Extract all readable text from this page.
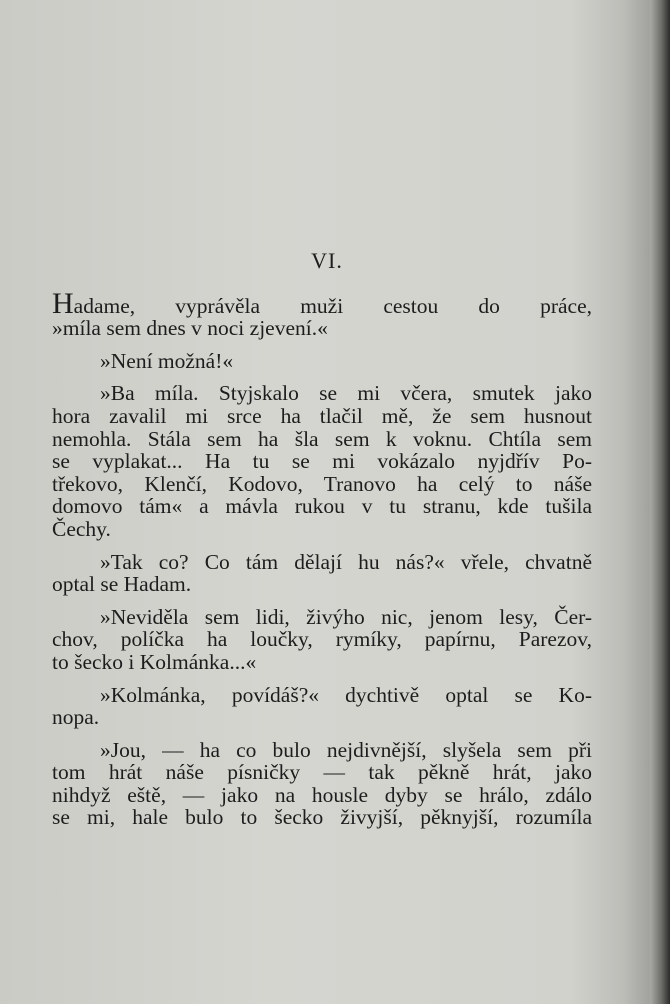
VI.
Hadame, vyprávěla muži cestou do práce,
»míla sem dnes v noci zjevení.«
»Není možná!«
»Ba míla. Styjskalo se mi včera, smutek jako
hora zavalil mi srce ha tlačil mě, že sem husnout
nemohla. Stála sem ha šla sem k voknu. Chtíla sem
se vyplakat... Ha tu se mi vokázalo nyjdřív Po-
třekovo, Klenčí, Kodovo, Tranovo ha celý to náše
domovo tám« a mávla rukou v tu stranu, kde tušila
Čechy.
»Tak co? Co tám dělají hu nás?« vřele, chvatně
optal se Hadam.
»Neviděla sem lidi, živýho nic, jenom lesy, Čer-
chov, políčka ha loučky, rymíky, papírnu, Parezov,
to šecko i Kolmánka...«
»Kolmánka, povídáš?« dychtivě optal se Ko-
nopa.
»Jou, — ha co bulo nejdivnější, slyšela sem při
tom hrát náše písničky — tak pěkně hrát, jako
nihdyž eště, — jako na housle dyby se hrálo, zdálo
se mi, hale bulo to šecko živyjší, pěknyjší, rozumíla
